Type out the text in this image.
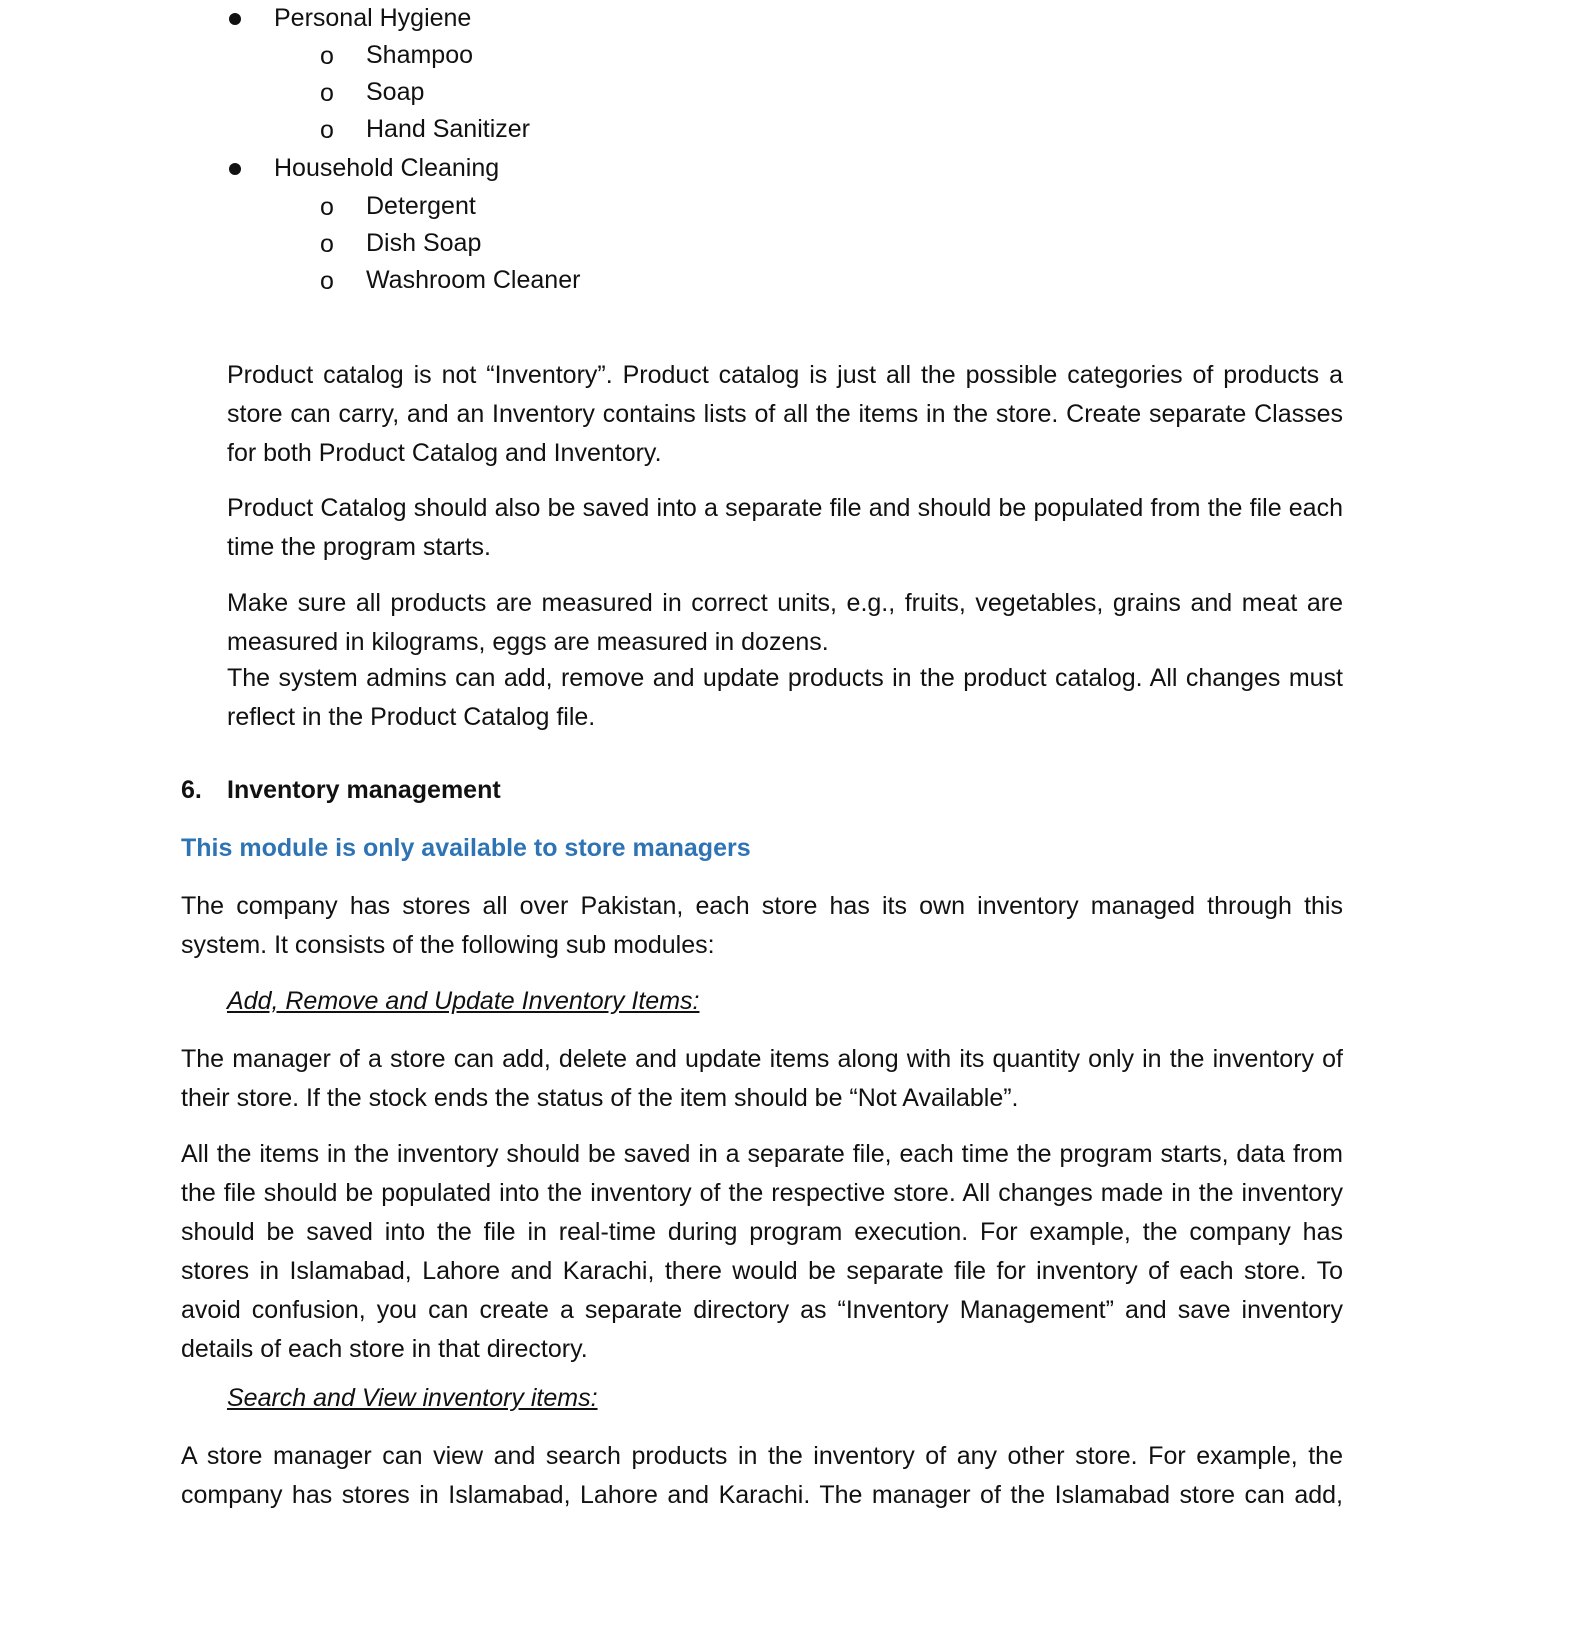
Personal Hygiene
o Shampoo
o Soap
o Hand Sanitizer
Household Cleaning
o Detergent
o Dish Soap
o Washroom Cleaner
Product catalog is not “Inventory”. Product catalog is just all the possible categories of products a store can carry, and an Inventory contains lists of all the items in the store. Create separate Classes for both Product Catalog and Inventory.
Product Catalog should also be saved into a separate file and should be populated from the file each time the program starts.
Make sure all products are measured in correct units, e.g., fruits, vegetables, grains and meat are measured in kilograms, eggs are measured in dozens.
The system admins can add, remove and update products in the product catalog. All changes must reflect in the Product Catalog file.
6. Inventory management
This module is only available to store managers
The company has stores all over Pakistan, each store has its own inventory managed through this system. It consists of the following sub modules:
Add, Remove and Update Inventory Items:
The manager of a store can add, delete and update items along with its quantity only in the inventory of their store. If the stock ends the status of the item should be “Not Available”.
All the items in the inventory should be saved in a separate file, each time the program starts, data from the file should be populated into the inventory of the respective store. All changes made in the inventory should be saved into the file in real-time during program execution. For example, the company has stores in Islamabad, Lahore and Karachi, there would be separate file for inventory of each store. To avoid confusion, you can create a separate directory as “Inventory Management” and save inventory details of each store in that directory.
Search and View inventory items:
A store manager can view and search products in the inventory of any other store. For example, the company has stores in Islamabad, Lahore and Karachi. The manager of the Islamabad store can add,
